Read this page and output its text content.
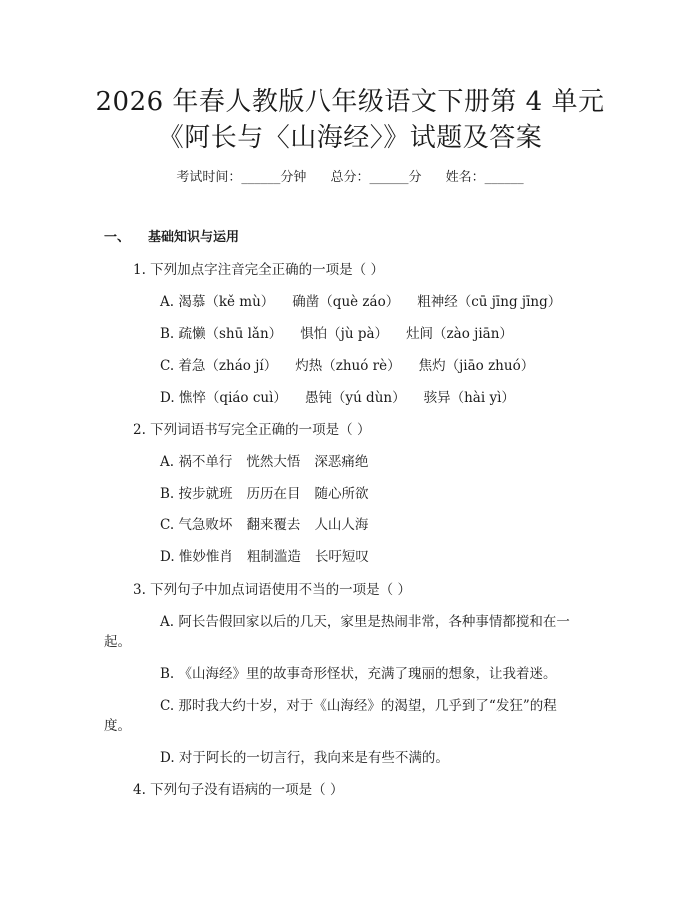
2026 年春人教版八年级语文下册第 4 单元
《阿长与〈山海经〉》试题及答案
考试时间：______分钟 总分：______分 姓名：______
一、 基础知识与运用
1. 下列加点字注音完全正确的一项是（ ）
A. 渴慕（kě mù） 确凿（què záo） 粗神经（cū jīng jīng）
B. 疏懒（shū lǎn） 惧怕（jù pà） 灶间（zào jiān）
C. 着急（zháo jí） 灼热（zhuó rè） 焦灼（jiāo zhuó）
D. 憔悴（qiáo cuì） 愚钝（yú dùn） 骇异（hài yì）
2. 下列词语书写完全正确的一项是（ ）
A. 祸不单行 恍然大悟 深恶痛绝
B. 按步就班 历历在目 随心所欲
C. 气急败坏 翻来覆去 人山人海
D. 惟妙惟肖 粗制滥造 长吁短叹
3. 下列句子中加点词语使用不当的一项是（ ）
A. 阿长告假回家以后的几天，家里是热闹非常，各种事情都搅和在一
起。
B. 《山海经》里的故事奇形怪状，充满了瑰丽的想象，让我着迷。
C. 那时我大约十岁，对于《山海经》的渴望，几乎到了“发狂”的程
度。
D. 对于阿长的一切言行，我向来是有些不满的。
4. 下列句子没有语病的一项是（ ）
